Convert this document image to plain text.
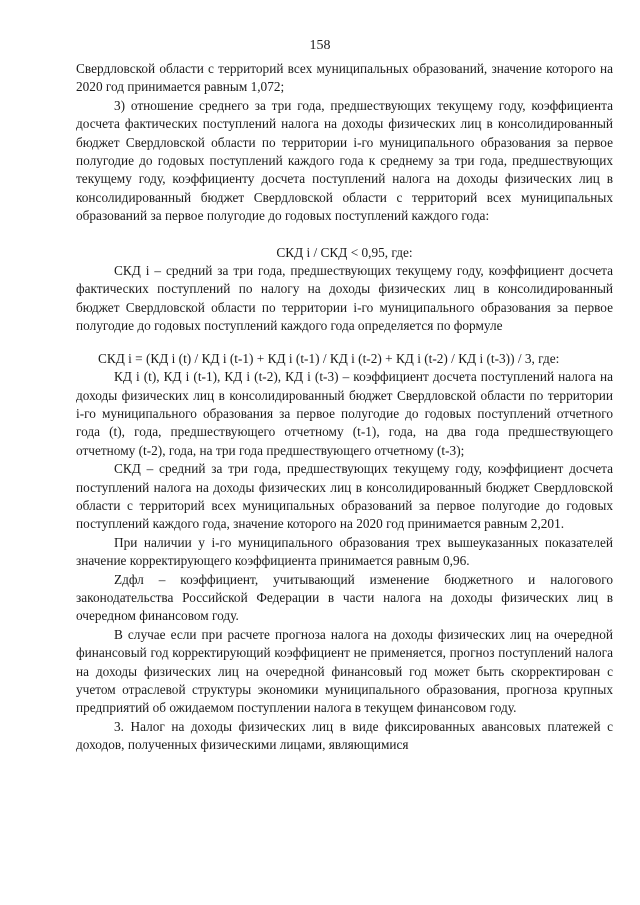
158

Свердловской области с территорий всех муниципальных образований, значение которого на 2020 год принимается равным 1,072;

3) отношение среднего за три года, предшествующих текущему году, коэффициента досчета фактических поступлений налога на доходы физических лиц в консолидированный бюджет Свердловской области по территории i-го муниципального образования за первое полугодие до годовых поступлений каждого года к среднему за три года, предшествующих текущему году, коэффициенту досчета поступлений налога на доходы физических лиц в консолидированный бюджет Свердловской области с территорий всех муниципальных образований за первое полугодие до годовых поступлений каждого года:

СКД i / СКД < 0,95, где:

СКД i – средний за три года, предшествующих текущему году, коэффициент досчета фактических поступлений по налогу на доходы физических лиц в консолидированный бюджет Свердловской области по территории i-го муниципального образования за первое полугодие до годовых поступлений каждого года определяется по формуле

СКД i = (КД i (t) / КД i (t-1) + КД i (t-1) / КД i (t-2) + КД i (t-2) / КД i (t-3)) / 3, где:

КД i (t), КД i (t-1), КД i (t-2), КД i (t-3) – коэффициент досчета поступлений налога на доходы физических лиц в консолидированный бюджет Свердловской области по территории i-го муниципального образования за первое полугодие до годовых поступлений отчетного года (t), года, предшествующего отчетному (t-1), года, на два года предшествующего отчетному (t-2), года, на три года предшествующего отчетному (t-3);

СКД – средний за три года, предшествующих текущему году, коэффициент досчета поступлений налога на доходы физических лиц в консолидированный бюджет Свердловской области с территорий всех муниципальных образований за первое полугодие до годовых поступлений каждого года, значение которого на 2020 год принимается равным 2,201.

При наличии у i-го муниципального образования трех вышеуказанных показателей значение корректирующего коэффициента принимается равным 0,96.

Zдфл – коэффициент, учитывающий изменение бюджетного и налогового законодательства Российской Федерации в части налога на доходы физических лиц в очередном финансовом году.

В случае если при расчете прогноза налога на доходы физических лиц на очередной финансовый год корректирующий коэффициент не применяется, прогноз поступлений налога на доходы физических лиц на очередной финансовый год может быть скорректирован с учетом отраслевой структуры экономики муниципального образования, прогноза крупных предприятий об ожидаемом поступлении налога в текущем финансовом году.

3. Налог на доходы физических лиц в виде фиксированных авансовых платежей с доходов, полученных физическими лицами, являющимися
